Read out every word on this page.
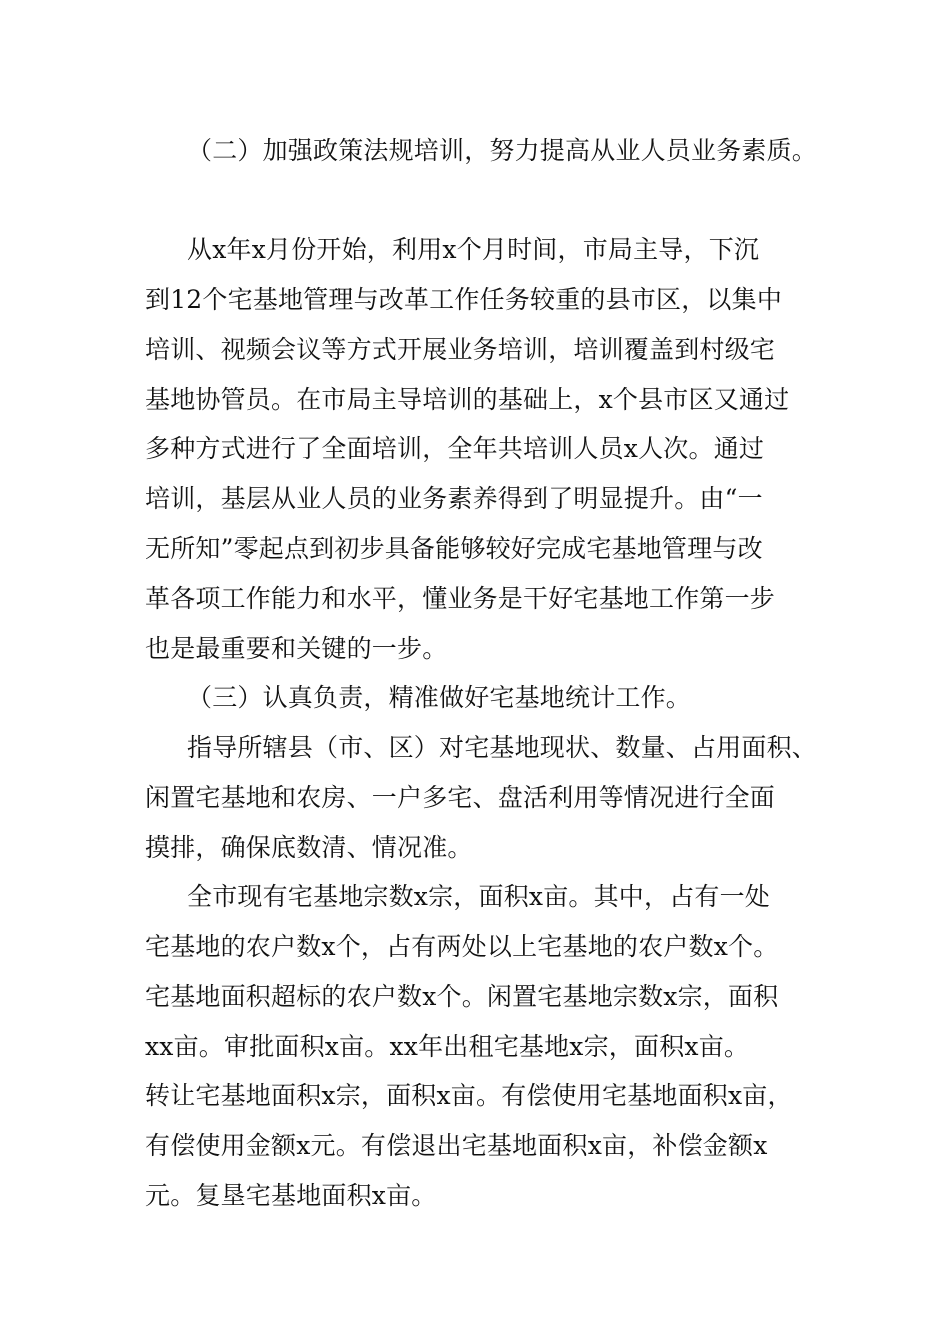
（二）加强政策法规培训，努力提高从业人员业务素质。

从x年x月份开始，利用x个月时间，市局主导，下沉

到12个宅基地管理与改革工作任务较重的县市区，以集中

培训、视频会议等方式开展业务培训，培训覆盖到村级宅

基地协管员。在市局主导培训的基础上，x个县市区又通过

多种方式进行了全面培训，全年共培训人员x人次。通过

培训，基层从业人员的业务素养得到了明显提升。由“一

无所知”零起点到初步具备能够较好完成宅基地管理与改

革各项工作能力和水平，懂业务是干好宅基地工作第一步

也是最重要和关键的一步。

（三）认真负责，精准做好宅基地统计工作。

指导所辖县（市、区）对宅基地现状、数量、占用面积、

闲置宅基地和农房、一户多宅、盘活利用等情况进行全面

摸排，确保底数清、情况准。

全市现有宅基地宗数x宗，面积x亩。其中，占有一处

宅基地的农户数x个，占有两处以上宅基地的农户数x个。

宅基地面积超标的农户数x个。闲置宅基地宗数x宗，面积

xx亩。审批面积x亩。xx年出租宅基地x宗，面积x亩。

转让宅基地面积x宗，面积x亩。有偿使用宅基地面积x亩，

有偿使用金额x元。有偿退出宅基地面积x亩，补偿金额x

元。复垦宅基地面积x亩。
